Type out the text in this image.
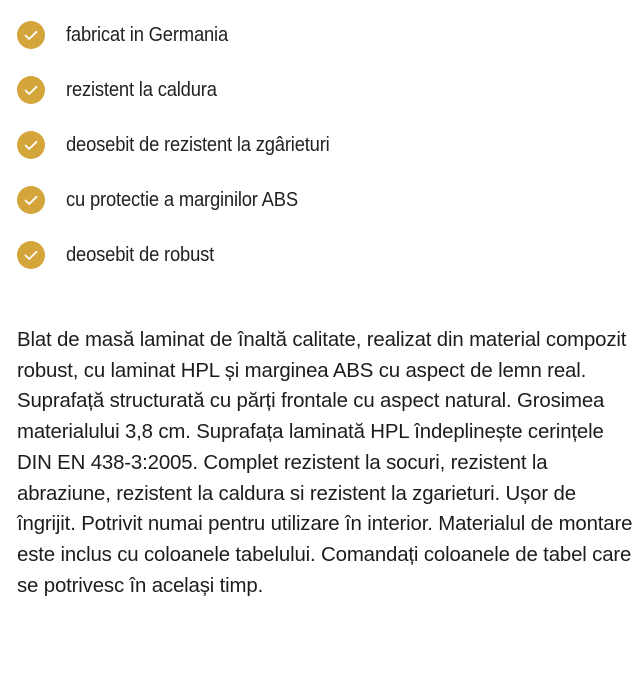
fabricat in Germania
rezistent la caldura
deosebit de rezistent la zgârieturi
cu protectie a marginilor ABS
deosebit de robust

Blat de masă laminat de înaltă calitate, realizat din material compozit robust, cu laminat HPL și marginea ABS cu aspect de lemn real. Suprafață structurată cu părți frontale cu aspect natural. Grosimea materialului 3,8 cm. Suprafața laminată HPL îndeplinește cerințele DIN EN 438-3:2005. Complet rezistent la socuri, rezistent la abraziune, rezistent la caldura si rezistent la zgarieturi. Ușor de îngrijit. Potrivit numai pentru utilizare în interior. Materialul de montare este inclus cu coloanele tabelului. Comandați coloanele de tabel care se potrivesc în același timp.
